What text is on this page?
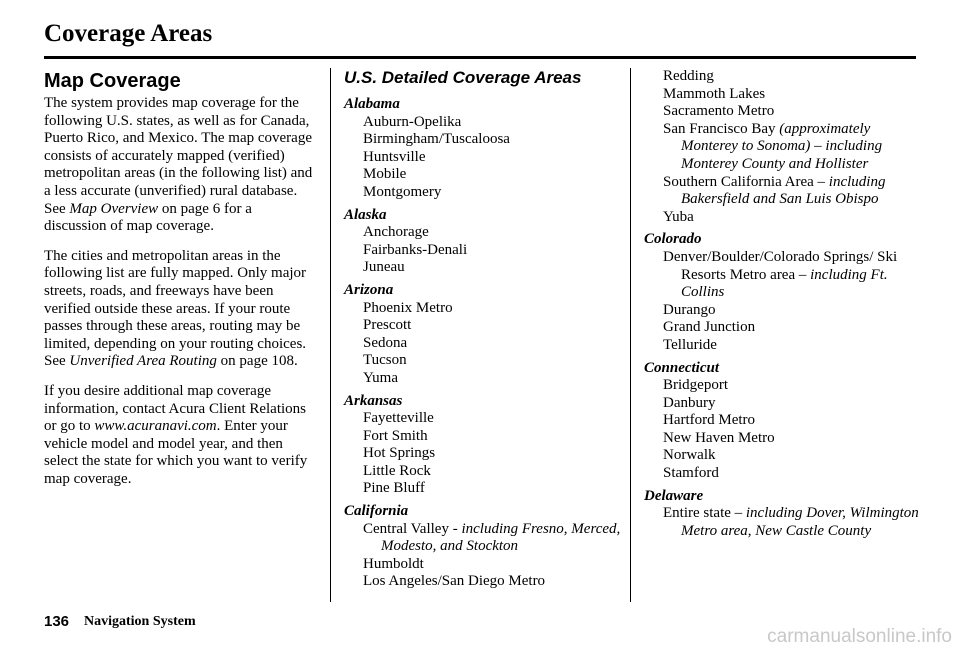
Coverage Areas
Map Coverage

The system provides map coverage for the following U.S. states, as well as for Canada, Puerto Rico, and Mexico. The map coverage consists of accurately mapped (verified) metropolitan areas (in the following list) and a less accurate (unverified) rural database. See Map Overview on page 6 for a discussion of map coverage.

The cities and metropolitan areas in the following list are fully mapped. Only major streets, roads, and freeways have been verified outside these areas. If your route passes through these areas, routing may be limited, depending on your routing choices. See Unverified Area Routing on page 108.

If you desire additional map coverage information, contact Acura Client Relations or go to www.acuranavi.com. Enter your vehicle model and model year, and then select the state for which you want to verify map coverage.

U.S. Detailed Coverage Areas
Alabama
Auburn-Opelika
Birmingham/Tuscaloosa
Huntsville
Mobile
Montgomery
Alaska
Anchorage
Fairbanks-Denali
Juneau
Arizona
Phoenix Metro
Prescott
Sedona
Tucson
Yuma
Arkansas
Fayetteville
Fort Smith
Hot Springs
Little Rock
Pine Bluff
California
Central Valley - including Fresno, Merced, Modesto, and Stockton
Humboldt
Los Angeles/San Diego Metro
Redding
Mammoth Lakes
Sacramento Metro
San Francisco Bay (approximately Monterey to Sonoma) – including Monterey County and Hollister
Southern California Area – including Bakersfield and San Luis Obispo
Yuba
Colorado
Denver/Boulder/Colorado Springs/ Ski Resorts Metro area – including Ft. Collins
Durango
Grand Junction
Telluride
Connecticut
Bridgeport
Danbury
Hartford Metro
New Haven Metro
Norwalk
Stamford
Delaware
Entire state – including Dover, Wilmington Metro area, New Castle County
136 Navigation System
carmanualsonline.info
